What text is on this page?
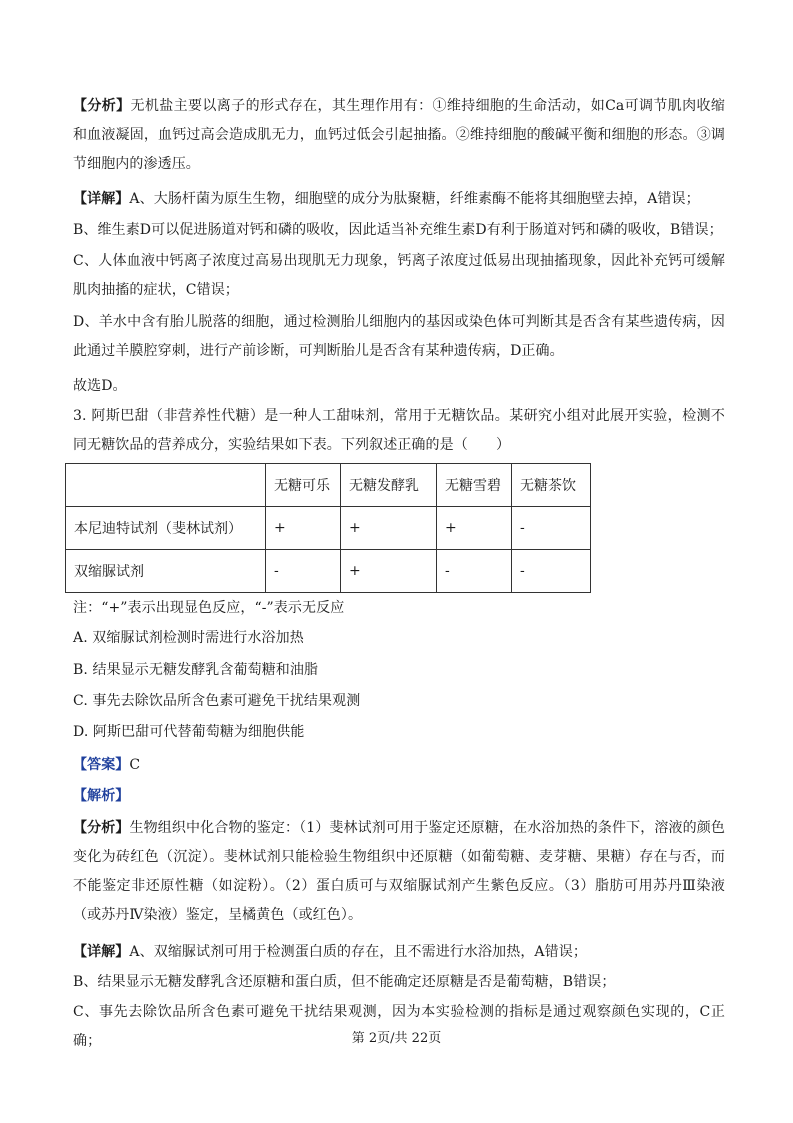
【分析】无机盐主要以离子的形式存在，其生理作用有：①维持细胞的生命活动，如Ca可调节肌肉收缩和血液凝固，血钙过高会造成肌无力，血钙过低会引起抽搐。②维持细胞的酸碱平衡和细胞的形态。③调节细胞内的渗透压。

【详解】A、大肠杆菌为原生生物，细胞壁的成分为肽聚糖，纤维素酶不能将其细胞壁去掉，A错误；

B、维生素D可以促进肠道对钙和磷的吸收，因此适当补充维生素D有利于肠道对钙和磷的吸收，B错误；

C、人体血液中钙离子浓度过高易出现肌无力现象，钙离子浓度过低易出现抽搐现象，因此补充钙可缓解肌肉抽搐的症状，C错误；

D、羊水中含有胎儿脱落的细胞，通过检测胎儿细胞内的基因或染色体可判断其是否含有某些遗传病，因此通过羊膜腔穿刺，进行产前诊断，可判断胎儿是否含有某种遗传病，D正确。

故选D。

3. 阿斯巴甜（非营养性代糖）是一种人工甜味剂，常用于无糖饮品。某研究小组对此展开实验，检测不同无糖饮品的营养成分，实验结果如下表。下列叙述正确的是（　　）

	无糖可乐	无糖发酵乳	无糖雪碧	无糖茶饮
本尼迪特试剂（斐林试剂）	+	+	+	-
双缩脲试剂	-	+	-	-

注：“+”表示出现显色反应，“-”表示无反应

A. 双缩脲试剂检测时需进行水浴加热

B. 结果显示无糖发酵乳含葡萄糖和油脂

C. 事先去除饮品所含色素可避免干扰结果观测

D. 阿斯巴甜可代替葡萄糖为细胞供能

【答案】C

【解析】

【分析】生物组织中化合物的鉴定：（1）斐林试剂可用于鉴定还原糖，在水浴加热的条件下，溶液的颜色变化为砖红色（沉淀）。斐林试剂只能检验生物组织中还原糖（如葡萄糖、麦芽糖、果糖）存在与否，而不能鉴定非还原性糖（如淀粉）。（2）蛋白质可与双缩脲试剂产生紫色反应。（3）脂肪可用苏丹Ⅲ染液（或苏丹Ⅳ染液）鉴定，呈橘黄色（或红色）。

【详解】A、双缩脲试剂可用于检测蛋白质的存在，且不需进行水浴加热，A错误；

B、结果显示无糖发酵乳含还原糖和蛋白质，但不能确定还原糖是否是葡萄糖，B错误；

C、事先去除饮品所含色素可避免干扰结果观测，因为本实验检测的指标是通过观察颜色实现的，C正确；	第 2页/共 22页
